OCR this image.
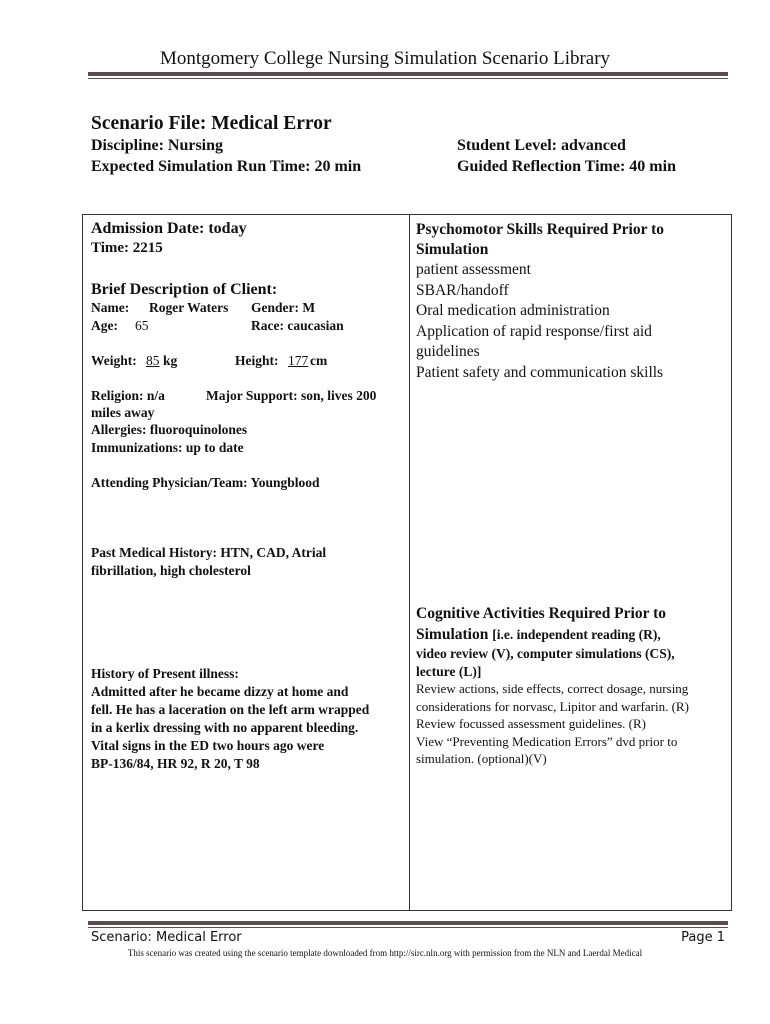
Montgomery College Nursing Simulation Scenario Library
Scenario File: Medical Error
Discipline: Nursing
Expected Simulation Run Time: 20 min
Student Level: advanced
Guided Reflection Time: 40 min
Admission Date: today
Time: 2215
Brief Description of Client:
Name: Roger Waters Gender: M
Age: 65	Race: caucasian
Weight: 85 kg	Height: 177 cm
Religion: n/a	Major Support: son, lives 200
miles away
Allergies: fluoroquinolones
Immunizations: up to date
Attending Physician/Team: Youngblood
Past Medical History: HTN, CAD, Atrial
fibrillation, high cholesterol
History of Present illness:
Admitted after he became dizzy at home and
fell. He has a laceration on the left arm wrapped
in a kerlix dressing with no apparent bleeding.
Vital signs in the ED two hours ago were
BP-136/84, HR 92, R 20, T 98
Psychomotor Skills Required Prior to
Simulation
patient assessment
SBAR/handoff
Oral medication administration
Application of rapid response/first aid
guidelines
Patient safety and communication skills
Cognitive Activities Required Prior to
Simulation [i.e. independent reading (R),
video review (V), computer simulations (CS),
lecture (L)]
Review actions, side effects, correct dosage, nursing
considerations for norvasc, Lipitor and warfarin. (R)
Review focussed assessment guidelines. (R)
View “Preventing Medication Errors” dvd prior to
simulation. (optional)(V)
Scenario: Medical Error	Page 1
This scenario was created using the scenario template downloaded from http://sirc.nln.org with permission from the NLN and Laerdal Medical
